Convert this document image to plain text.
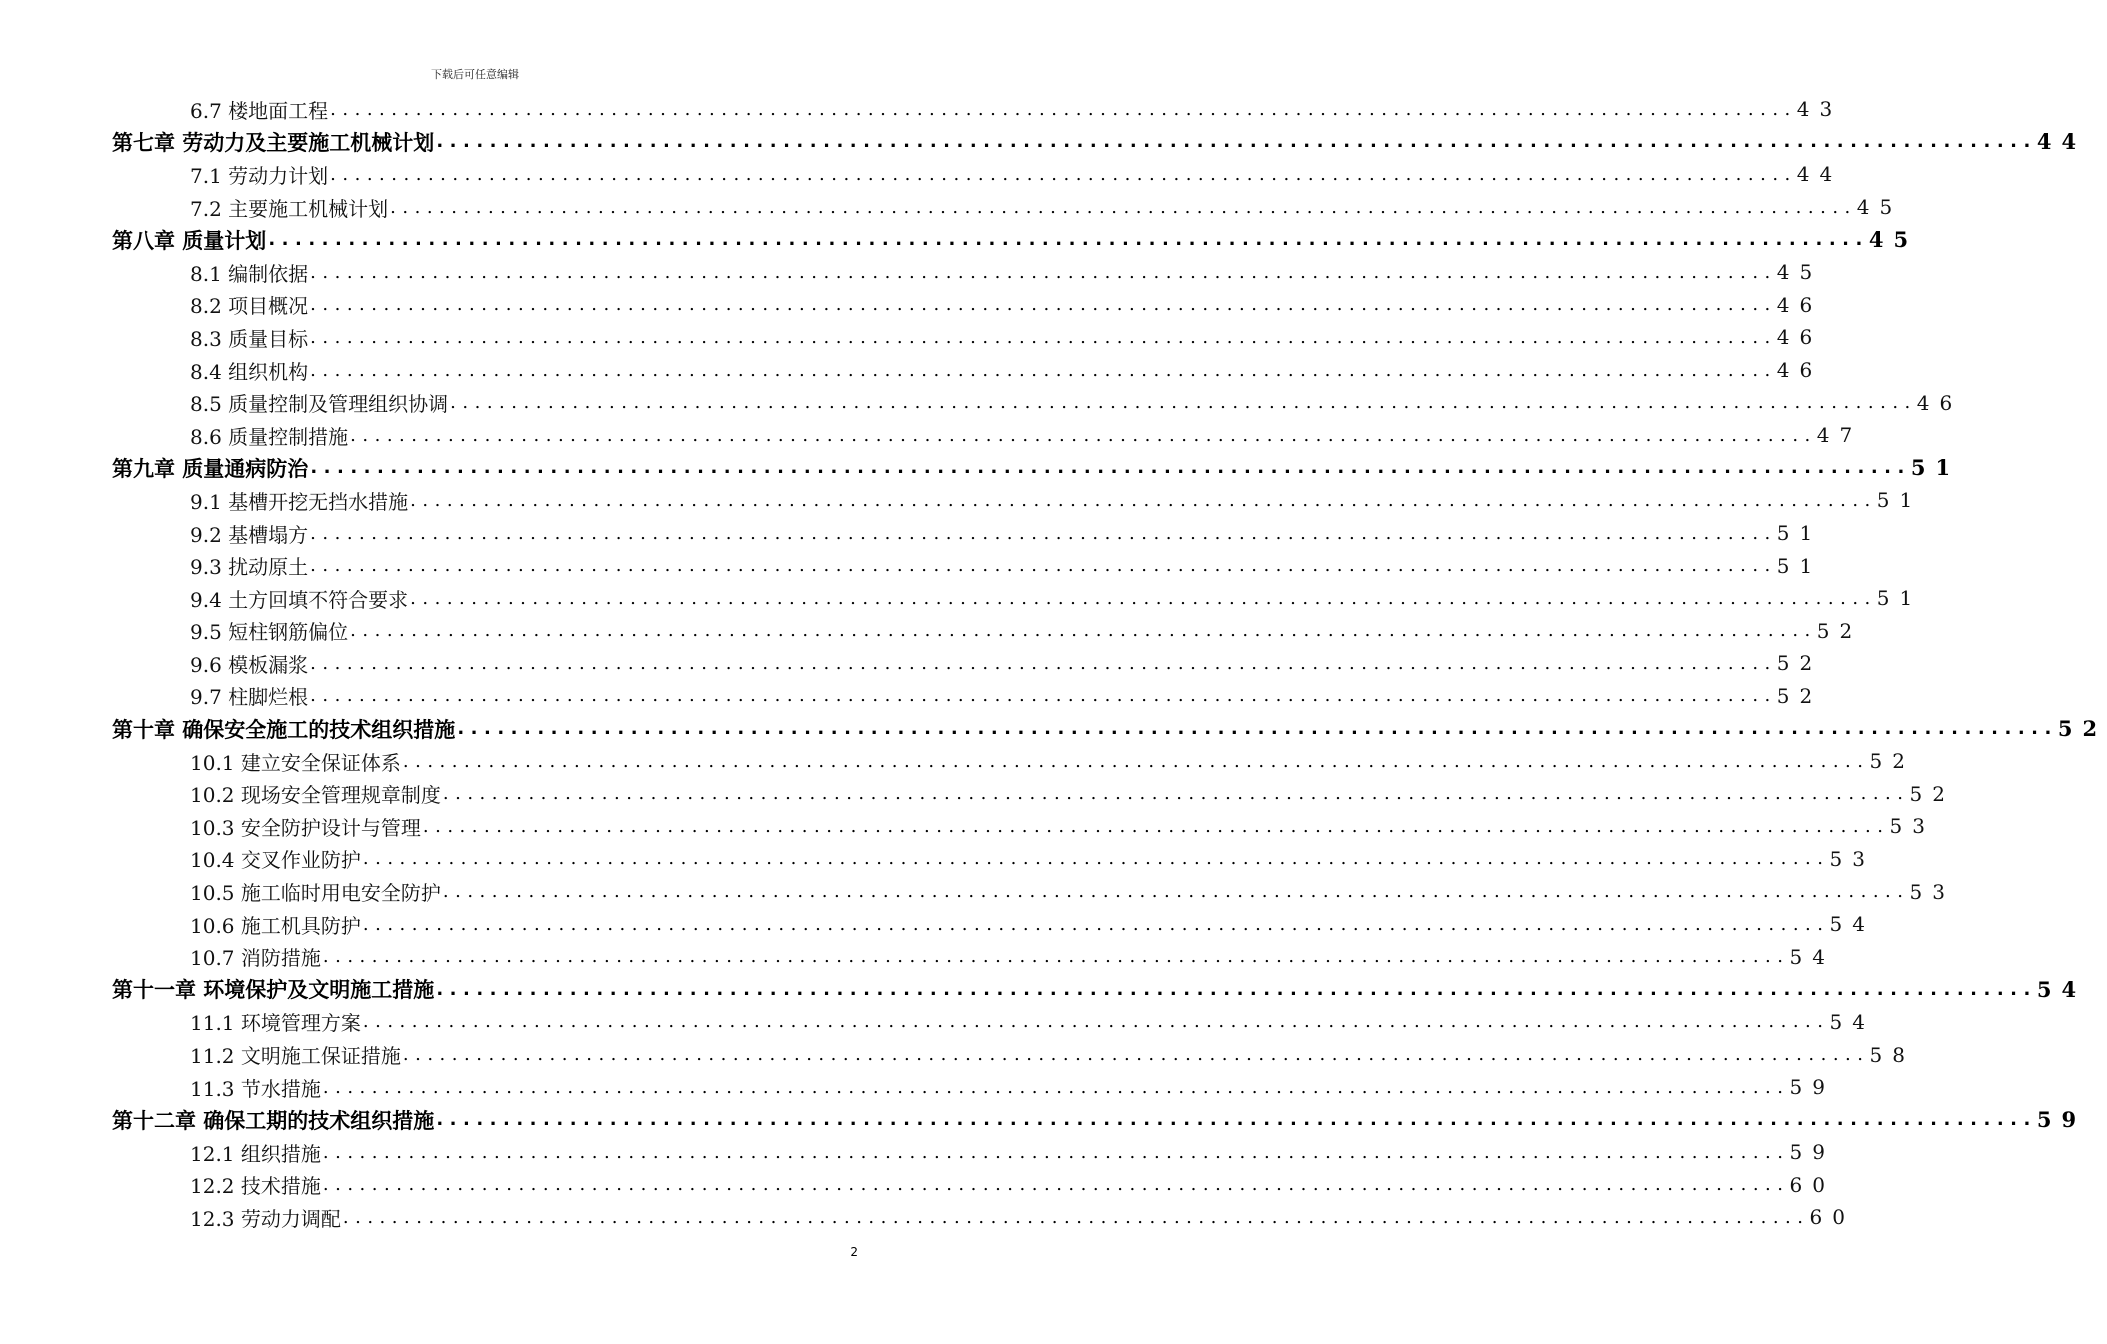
下载后可任意编辑
6.7 楼地面工程 ........................................................................................................................ 43
第七章 劳动力及主要施工机械计划 ........................................................................................................................ 44
7.1 劳动力计划 ........................................................................................................................ 44
7.2 主要施工机械计划 ........................................................................................................................ 45
第八章 质量计划 ........................................................................................................................ 45
8.1 编制依据 ........................................................................................................................ 45
8.2 项目概况 ........................................................................................................................ 46
8.3 质量目标 ........................................................................................................................ 46
8.4 组织机构 ........................................................................................................................ 46
8.5 质量控制及管理组织协调 ........................................................................................................................ 46
8.6 质量控制措施 ........................................................................................................................ 47
第九章 质量通病防治 ........................................................................................................................ 51
9.1 基槽开挖无挡水措施 ........................................................................................................................ 51
9.2 基槽塌方 ........................................................................................................................ 51
9.3 扰动原土 ........................................................................................................................ 51
9.4 土方回填不符合要求 ........................................................................................................................ 51
9.5 短柱钢筋偏位 ........................................................................................................................ 52
9.6 模板漏浆 ........................................................................................................................ 52
9.7 柱脚烂根 ........................................................................................................................ 52
第十章 确保安全施工的技术组织措施 ........................................................................................................................ 52
10.1 建立安全保证体系 ........................................................................................................................ 52
10.2 现场安全管理规章制度 ........................................................................................................................ 52
10.3 安全防护设计与管理 ........................................................................................................................ 53
10.4 交叉作业防护 ........................................................................................................................ 53
10.5 施工临时用电安全防护 ........................................................................................................................ 53
10.6 施工机具防护 ........................................................................................................................ 54
10.7 消防措施 ........................................................................................................................ 54
第十一章 环境保护及文明施工措施 ........................................................................................................................ 54
11.1 环境管理方案 ........................................................................................................................ 54
11.2 文明施工保证措施 ........................................................................................................................ 58
11.3 节水措施 ........................................................................................................................ 59
第十二章 确保工期的技术组织措施 ........................................................................................................................ 59
12.1 组织措施 ........................................................................................................................ 59
12.2 技术措施 ........................................................................................................................ 60
12.3 劳动力调配 ........................................................................................................................ 60
2
